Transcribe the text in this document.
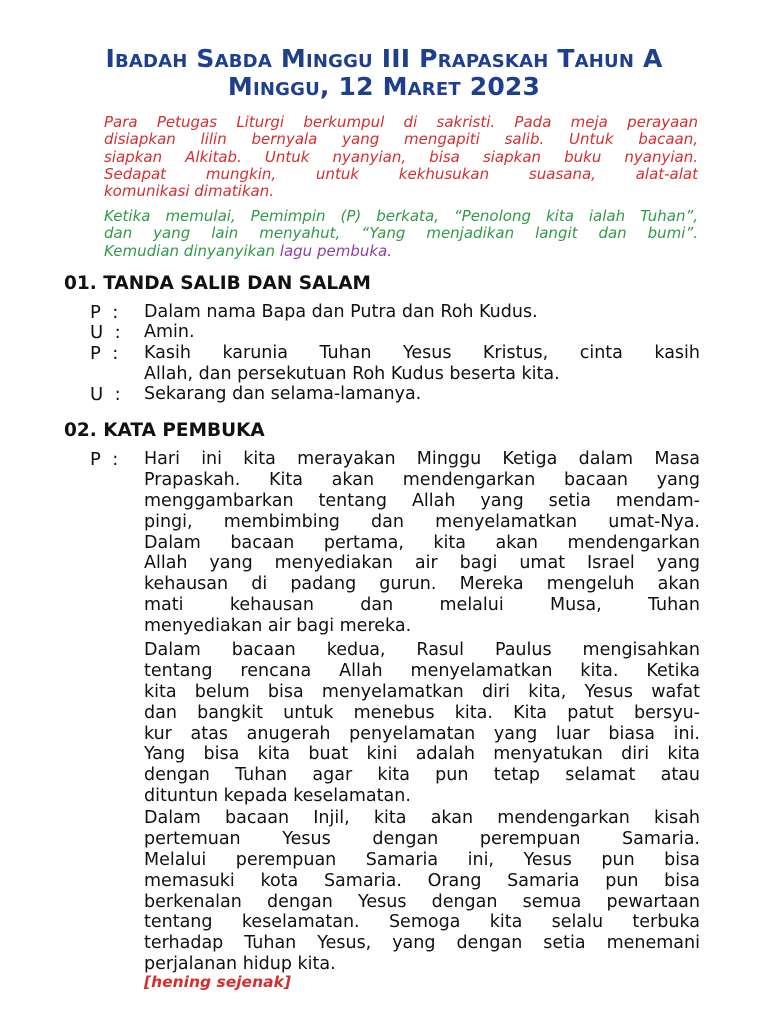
Ibadah Sabda Minggu III Prapaskah Tahun A
Minggu, 12 Maret 2023
Para Petugas Liturgi berkumpul di sakristi. Pada meja perayaan
disiapkan lilin bernyala yang mengapiti salib. Untuk bacaan,
siapkan Alkitab. Untuk nyanyian, bisa siapkan buku nyanyian.
Sedapat mungkin, untuk kekhusukan suasana, alat-alat
komunikasi dimatikan.
Ketika memulai, Pemimpin (P) berkata, “Penolong kita ialah Tuhan”,
dan yang lain menyahut, “Yang menjadikan langit dan bumi”.
Kemudian dinyanyikan lagu pembuka.
01. TANDA SALIB DAN SALAM
P  :	Dalam nama Bapa dan Putra dan Roh Kudus.
U  :	Amin.
P  :	Kasih karunia Tuhan Yesus Kristus, cinta kasih
Allah, dan persekutuan Roh Kudus beserta kita.
U  :	Sekarang dan selama-lamanya.
02. KATA PEMBUKA
P  :	Hari ini kita merayakan Minggu Ketiga dalam Masa
Prapaskah. Kita akan mendengarkan bacaan yang
menggambarkan tentang Allah yang setia mendam-
pingi, membimbing dan menyelamatkan umat-Nya.
Dalam bacaan pertama, kita akan mendengarkan
Allah yang menyediakan air bagi umat Israel yang
kehausan di padang gurun. Mereka mengeluh akan
mati kehausan dan melalui Musa, Tuhan
menyediakan air bagi mereka.
Dalam bacaan kedua, Rasul Paulus mengisahkan
tentang rencana Allah menyelamatkan kita. Ketika
kita belum bisa menyelamatkan diri kita, Yesus wafat
dan bangkit untuk menebus kita. Kita patut bersyu-
kur atas anugerah penyelamatan yang luar biasa ini.
Yang bisa kita buat kini adalah menyatukan diri kita
dengan Tuhan agar kita pun tetap selamat atau
dituntun kepada keselamatan.
Dalam bacaan Injil, kita akan mendengarkan kisah
pertemuan Yesus dengan perempuan Samaria.
Melalui perempuan Samaria ini, Yesus pun bisa
memasuki kota Samaria. Orang Samaria pun bisa
berkenalan dengan Yesus dengan semua pewartaan
tentang keselamatan. Semoga kita selalu terbuka
terhadap Tuhan Yesus, yang dengan setia menemani
perjalanan hidup kita.
[hening sejenak]
